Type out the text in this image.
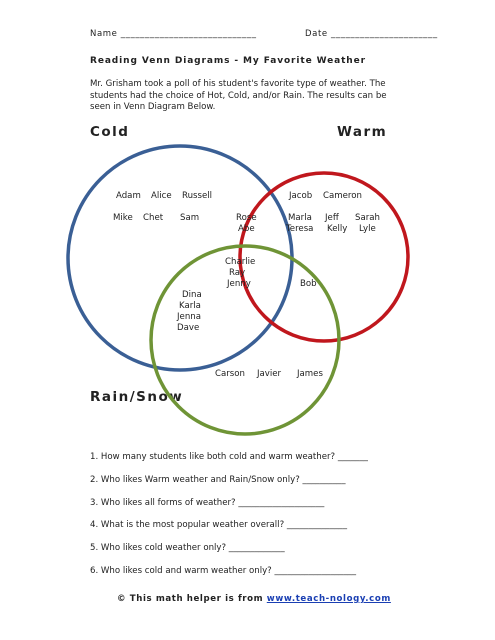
Name ____________________________	Date ______________________
Reading Venn Diagrams - My Favorite Weather
Mr. Grisham took a poll of his student's favorite type of weather. The students had the choice of Hot, Cold, and/or Rain. The results can be seen in Venn Diagram Below.
Cold	Warm
Rain/Snow
Adam Alice Russell
Mike Chet Sam
Jacob Cameron
Marla Jeff Sarah
Teresa Kelly Lyle
Rose
Abe
Charlie
Ray
Jenny
Dina
Karla
Jenna
Dave
Bob
Carson Javier James
1. How many students like both cold and warm weather? _______
2. Who likes Warm weather and Rain/Snow only? __________
3. Who likes all forms of weather? ____________________
4. What is the most popular weather overall? ______________
5. Who likes cold weather only? _____________
6. Who likes cold and warm weather only? ___________________
© This math helper is from www.teach-nology.com
